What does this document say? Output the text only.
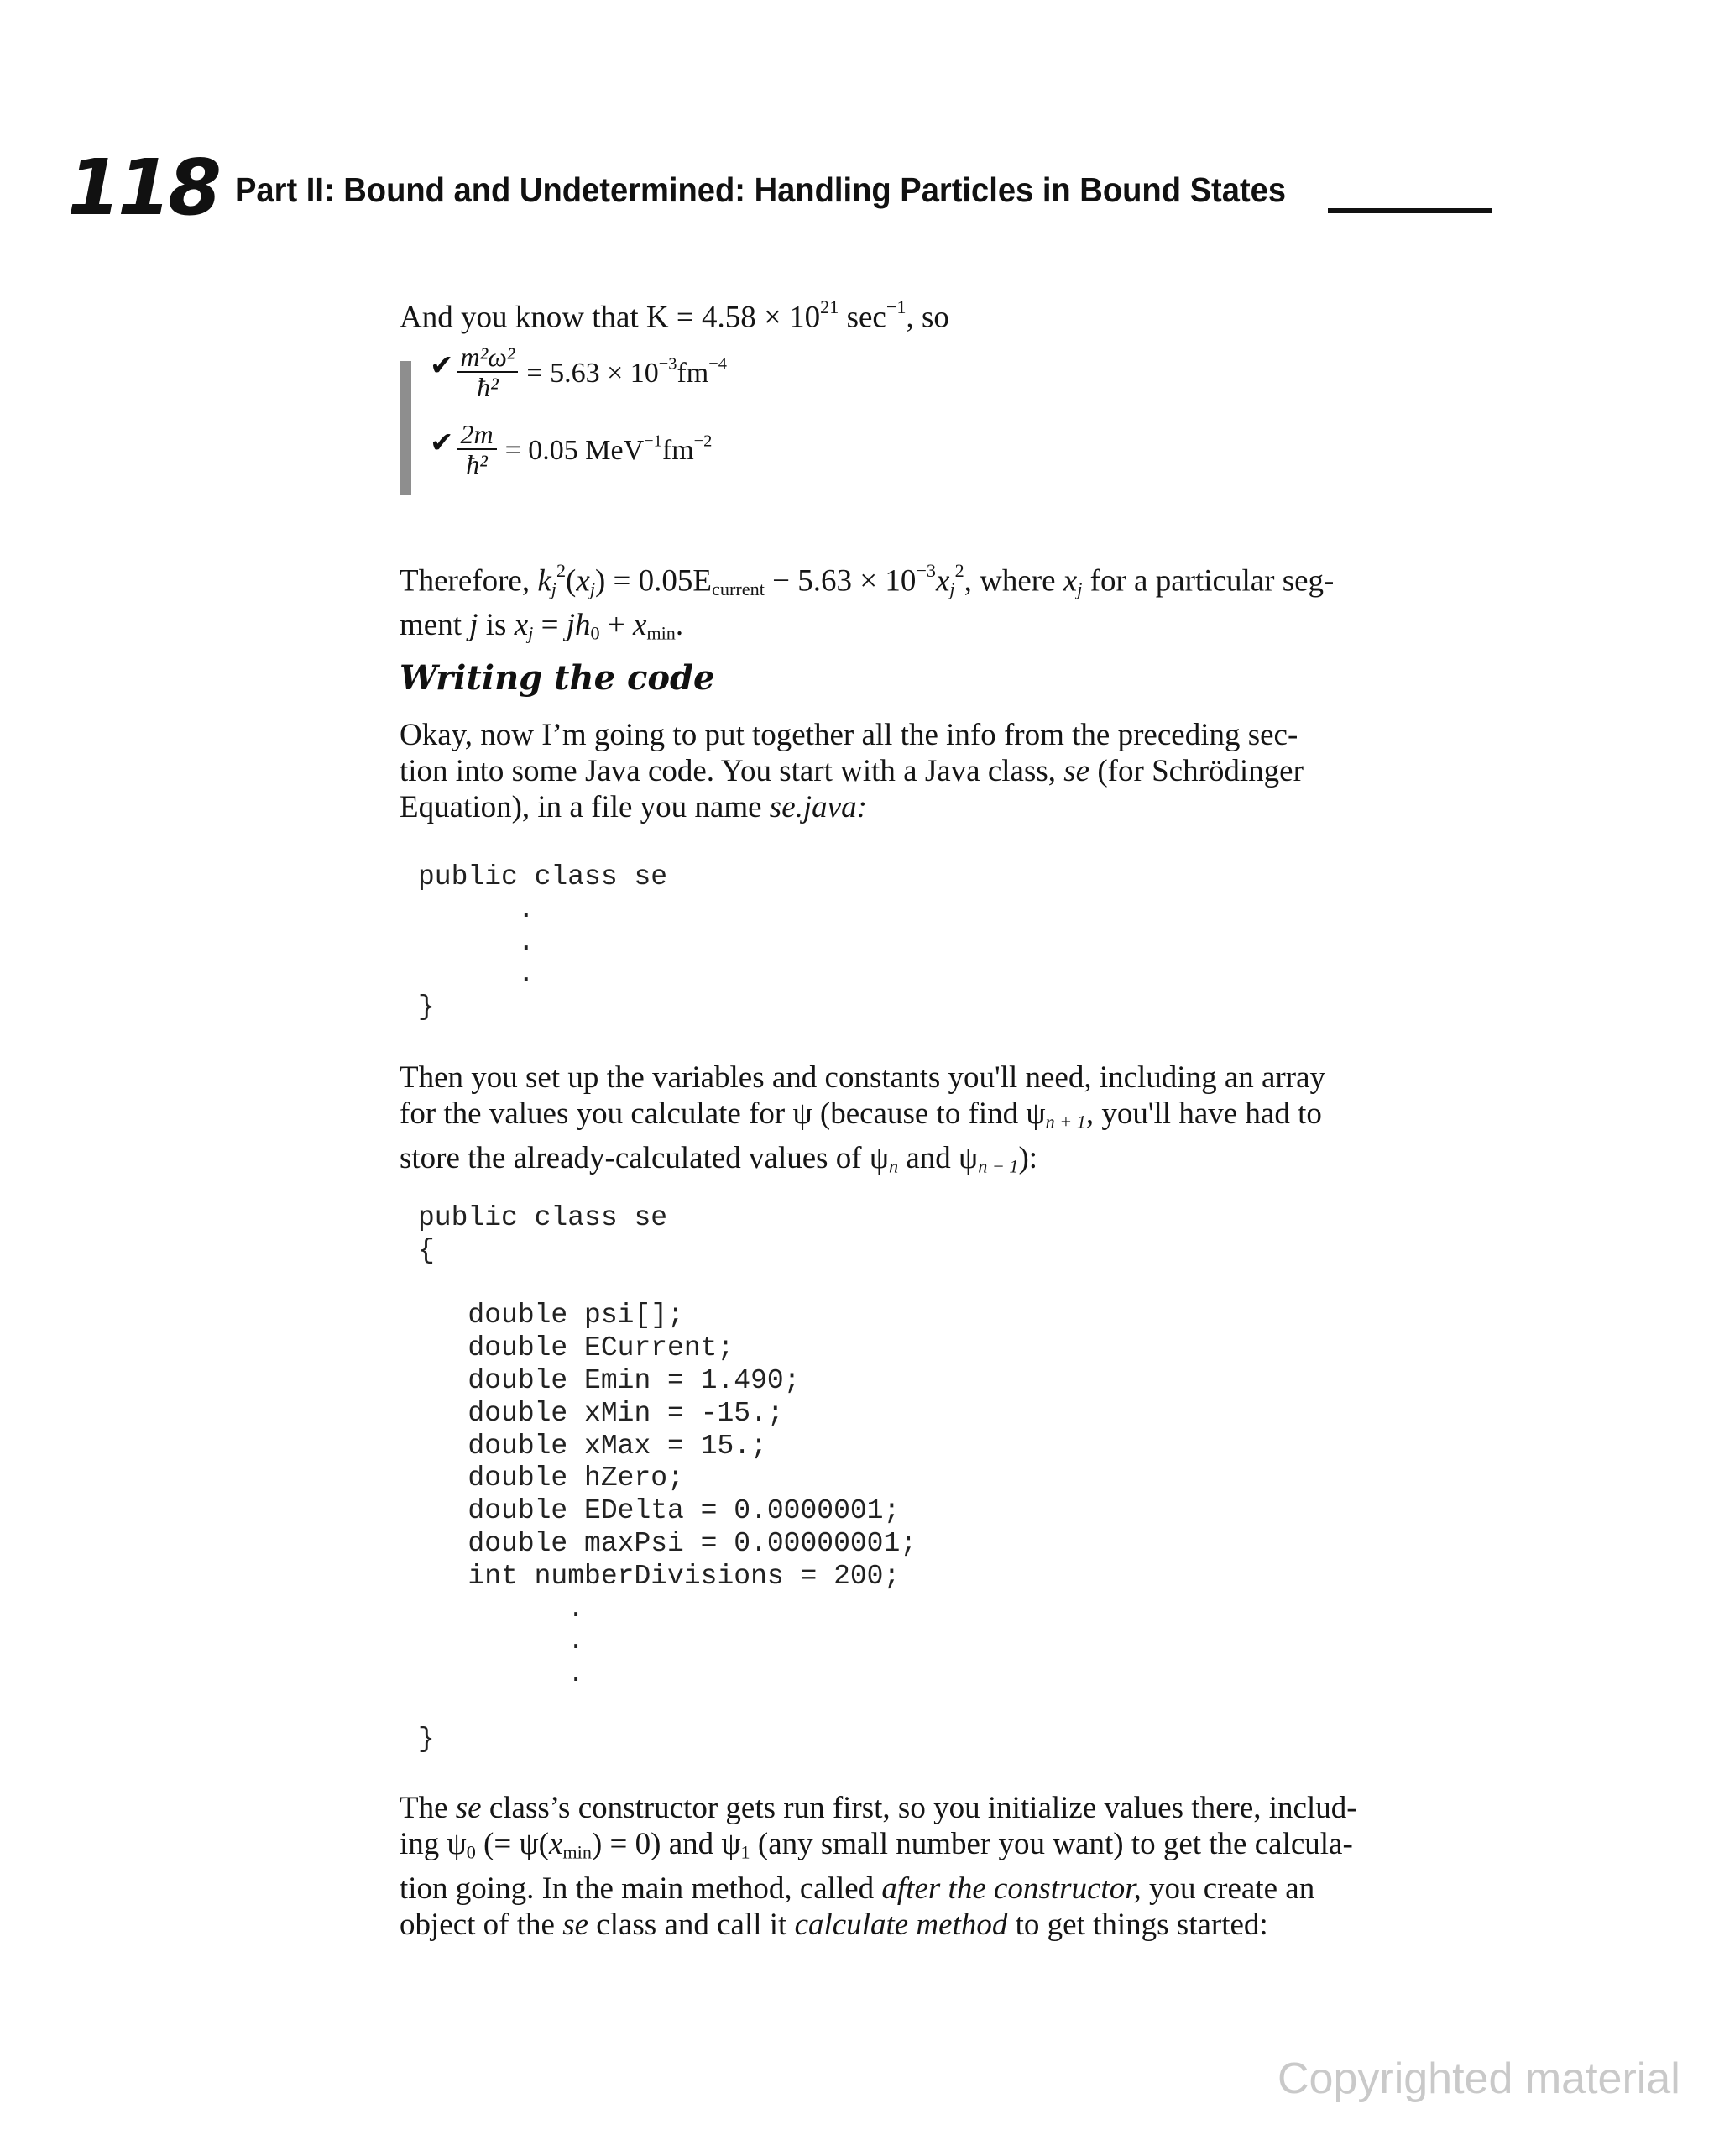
118 Part II: Bound and Undetermined: Handling Particles in Bound States
And you know that $K = 4.58 \times 10^{21}$ $\sec^{-1}$, so
✔ $\frac{\text{m²ω²}}{\text{ħ²}} = 5.63 \times 10^{-3}fm^{-4}$
✔ $\frac{2m}{\text{ħ²}} = 0.05$ $MeV^{-1}fm^{-2}$
Therefore, $k_j^2(x_j) = 0.05E_{current} - 5.63 \times 10^{-3}x_j^2$, where $x_j$ for a particular seg-
ment j is $x_j = jh_0 + x_{min}$.
Writing the code
Okay, now I’m going to put together all the info from the preceding sec-
tion into some Java code. You start with a Java class, se (for Schrödinger
Equation), in a file you name se.java:
public class se
.
.
.
}
Then you set up the variables and constants you'll need, including an array
for the values you calculate for ψ (because to find $\psi_{n + 1}$, you'll have had to
store the already-calculated values of $\psi_n$ and $\psi_{n - 1}$):
public class se
{

double psi[];
double ECurrent;
double Emin = 1.490;
double xMin = -15.;
double xMax = 15.;
double hZero;
double EDelta = 0.0000001;
double maxPsi = 0.00000001;
int numberDivisions = 200;
.
.
.

}
The se class’s constructor gets run first, so you initialize values there, includ-
ing $\psi_0$ (= $\psi(x_{min}) = 0$) and $\psi_1$ (any small number you want) to get the calcula-
tion going. In the main method, called after the constructor, you create an
object of the se class and call it calculate method to get things started:
Copyrighted material
